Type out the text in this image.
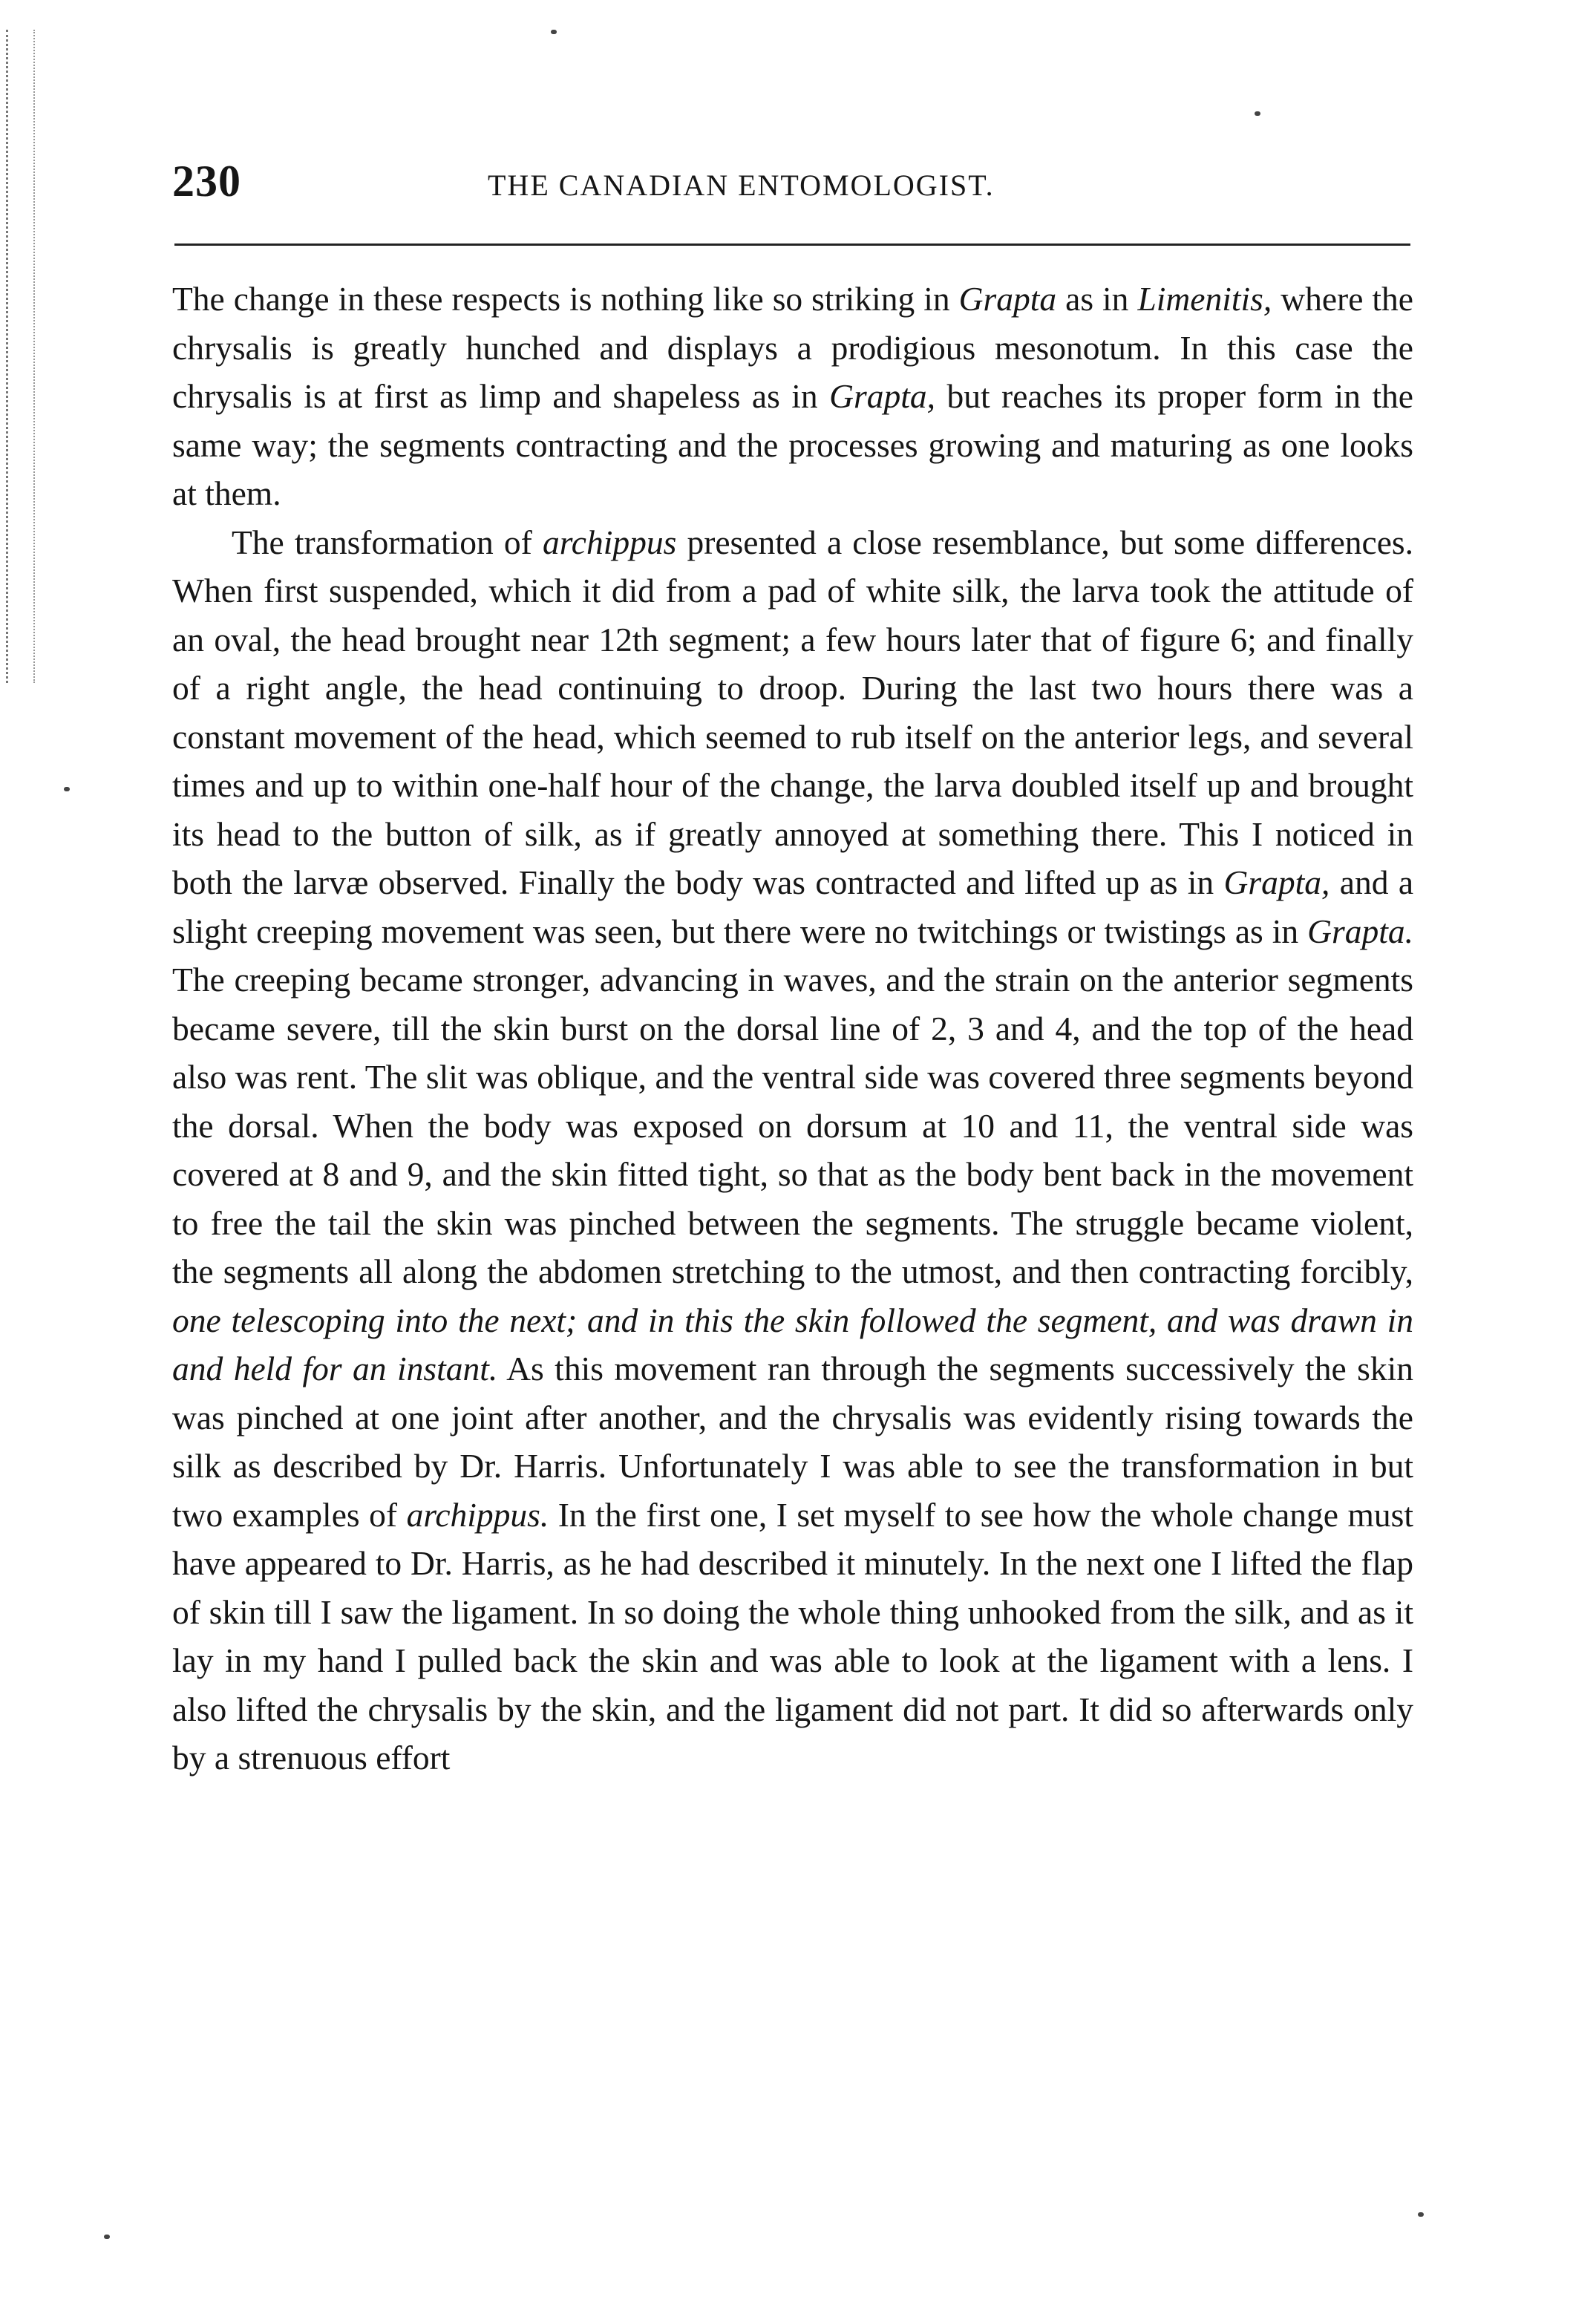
230	THE CANADIAN ENTOMOLOGIST.

The change in these respects is nothing like so striking in Grapta as in Limenitis, where the chrysalis is greatly hunched and displays a prodigious mesonotum. In this case the chrysalis is at first as limp and shapeless as in Grapta, but reaches its proper form in the same way; the segments contracting and the processes growing and maturing as one looks at them.

The transformation of archippus presented a close resemblance, but some differences. When first suspended, which it did from a pad of white silk, the larva took the attitude of an oval, the head brought near 12th segment; a few hours later that of figure 6; and finally of a right angle, the head continuing to droop. During the last two hours there was a constant movement of the head, which seemed to rub itself on the anterior legs, and several times and up to within one-half hour of the change, the larva doubled itself up and brought its head to the button of silk, as if greatly annoyed at something there. This I noticed in both the larvæ observed. Finally the body was contracted and lifted up as in Grapta, and a slight creeping movement was seen, but there were no twitchings or twistings as in Grapta. The creeping became stronger, advancing in waves, and the strain on the anterior segments became severe, till the skin burst on the dorsal line of 2, 3 and 4, and the top of the head also was rent. The slit was oblique, and the ventral side was covered three segments beyond the dorsal. When the body was exposed on dorsum at 10 and 11, the ventral side was covered at 8 and 9, and the skin fitted tight, so that as the body bent back in the movement to free the tail the skin was pinched between the segments. The struggle became violent, the segments all along the abdomen stretching to the utmost, and then contracting forcibly, one telescoping into the next; and in this the skin followed the segment, and was drawn in and held for an instant. As this movement ran through the segments successively the skin was pinched at one joint after another, and the chrysalis was evidently rising towards the silk as described by Dr. Harris. Unfortunately I was able to see the transformation in but two examples of archippus. In the first one, I set myself to see how the whole change must have appeared to Dr. Harris, as he had described it minutely. In the next one I lifted the flap of skin till I saw the ligament. In so doing the whole thing unhooked from the silk, and as it lay in my hand I pulled back the skin and was able to look at the ligament with a lens. I also lifted the chrysalis by the skin, and the ligament did not part. It did so afterwards only by a strenuous effort
